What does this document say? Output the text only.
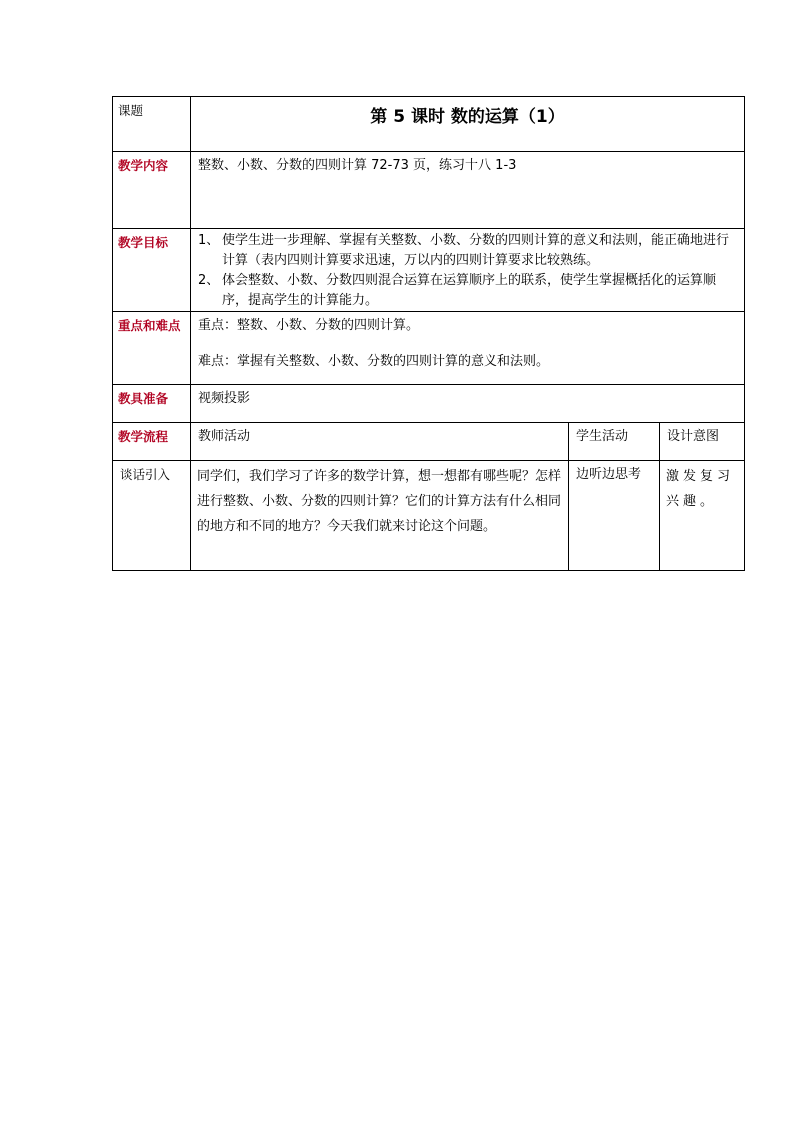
课题	第 5 课时 数的运算（1）		
教学内容	整数、小数、分数的四则计算 72-73 页，练习十八 1-3		
教学目标	1、 使学生进一步理解、掌握有关整数、小数、分数的四则计算的意义和法则，能正确地进行计算（表内四则计算要求迅速，万以内的四则计算要求比较熟练。
2、 体会整数、小数、分数四则混合运算在运算顺序上的联系，使学生掌握概括化的运算顺序，提高学生的计算能力。		

重点和难点	重点：整数、小数、分数的四则计算。
难点：掌握有关整数、小数、分数的四则计算的意义和法则。		

教具准备	视频投影		
教学流程	教师活动	学生活动	设计意图
谈话引入	同学们，我们学习了许多的数学计算，想一想都有哪些呢？怎样进行整数、小数、分数的四则计算？它们的计算方法有什么相同的地方和不同的地方？今天我们就来讨论这个问题。	边听边思考	激发复习兴趣。
